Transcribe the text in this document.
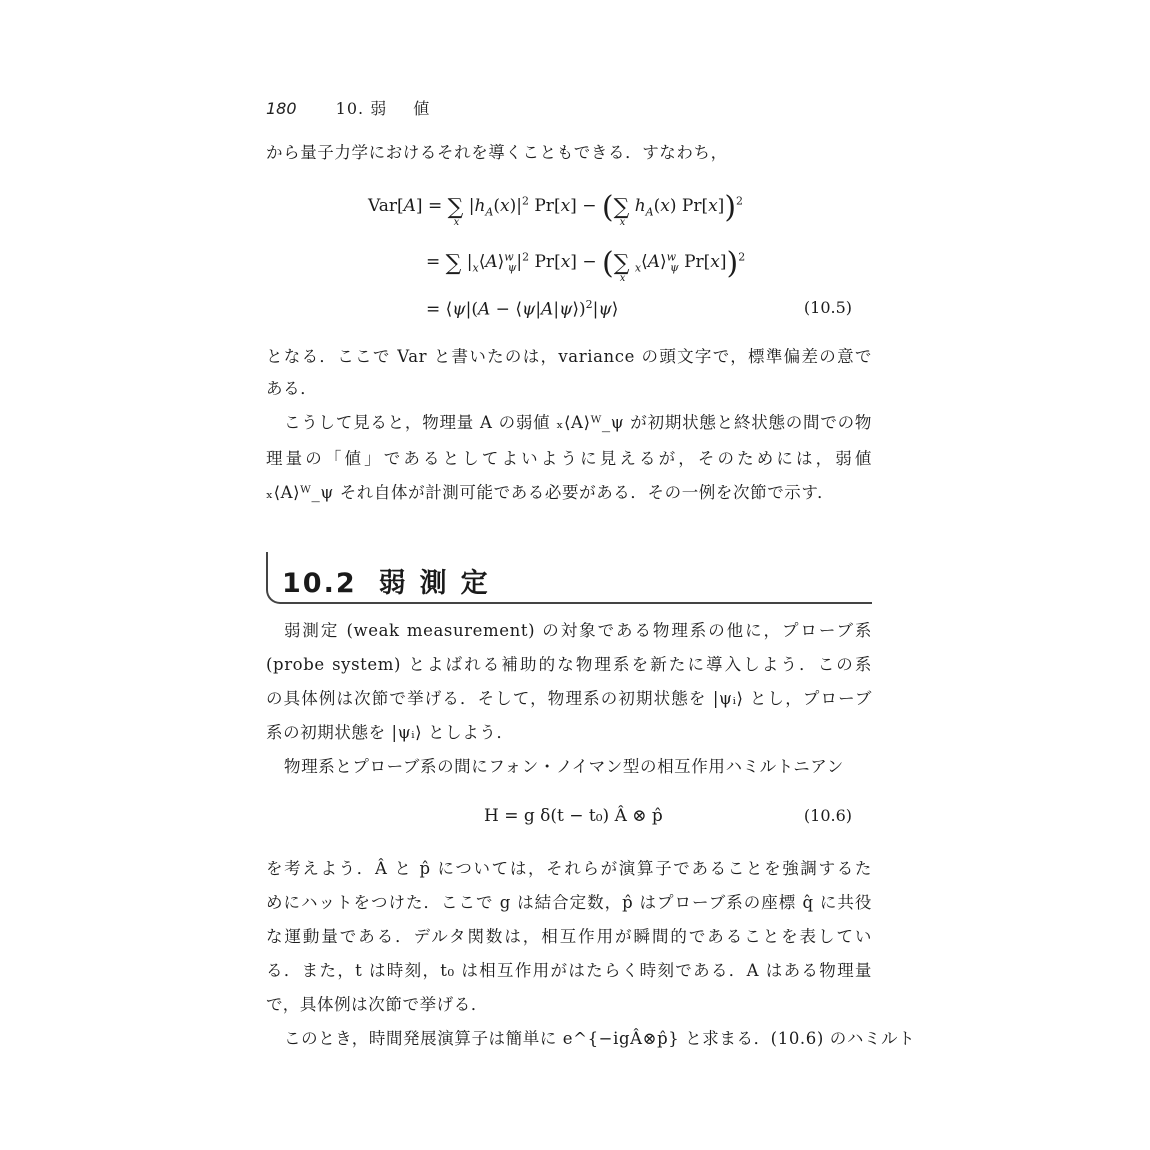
180 10. 弱 値
から量子力学におけるそれを導くこともできる．すなわち，
Var[A] = ∑
x
$|h_A(x)|^2$ Pr[x] − (∑
x
$h_A(x)$ Pr[x])$^2$
= ∑ $|_x⟨A⟩^w_\psi|^2$ Pr[x] − (∑
x
$_x$⟨A⟩$^w_\psi$ Pr[x])$^2$
= ⟨ψ|(A − ⟨ψ|A|ψ⟩)$^2$|ψ⟩	(10.5)
となる．ここで Var と書いたのは，variance の頭文字で，標準偏差の意で
ある．
こうして見ると，物理量 A の弱値 ₓ⟨A⟩ᵂ_ψ が初期状態と終状態の間での物
理量の「値」であるとしてよいように見えるが，そのためには，弱値
ₓ⟨A⟩ᵂ_ψ それ自体が計測可能である必要がある．その一例を次節で示す．
10.2 弱測定
弱測定 (weak measurement) の対象である物理系の他に，プローブ系
(probe system) とよばれる補助的な物理系を新たに導入しよう．この系
の具体例は次節で挙げる．そして，物理系の初期状態を |ψᵢ⟩ とし，プローブ
系の初期状態を |ψᵢ⟩ としよう．
物理系とプローブ系の間にフォン・ノイマン型の相互作用ハミルトニアン
H = g δ(t − t₀) Â ⊗ p̂	(10.6)
を考えよう．Â と p̂ については，それらが演算子であることを強調するた
めにハットをつけた．ここで g は結合定数，p̂ はプローブ系の座標 q̂ に共役
な運動量である．デルタ関数は，相互作用が瞬間的であることを表してい
る．また，t は時刻，t₀ は相互作用がはたらく時刻である．A はある物理量
で，具体例は次節で挙げる．
このとき，時間発展演算子は簡単に e^{−igÂ⊗p̂} と求まる．(10.6) のハミルト
